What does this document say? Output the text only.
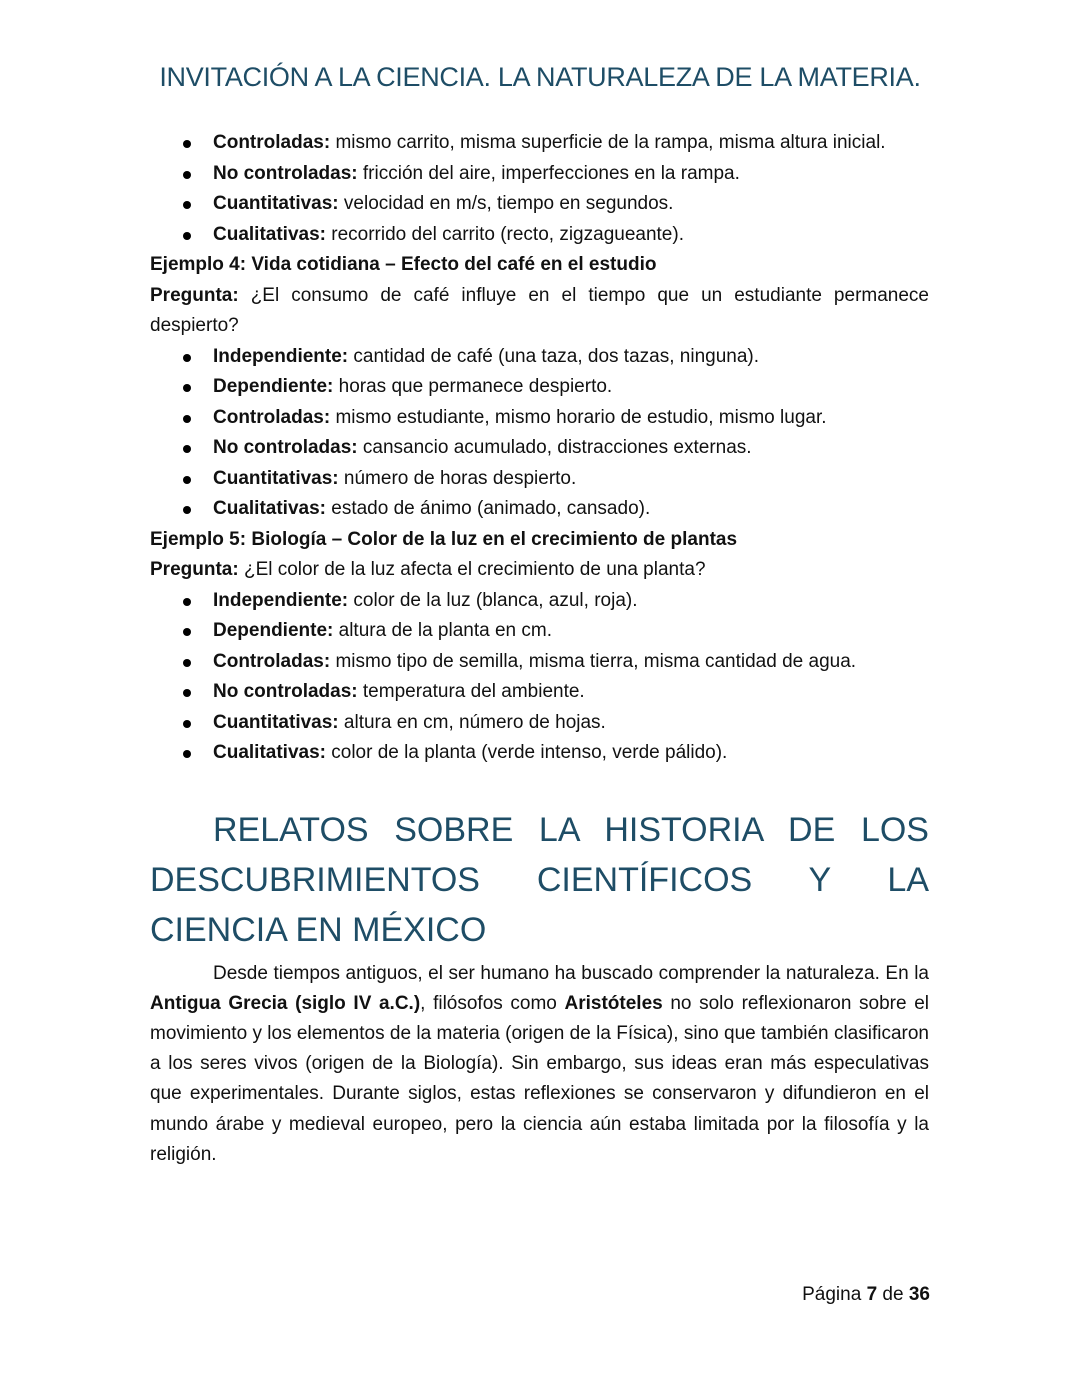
INVITACIÓN A LA CIENCIA. LA NATURALEZA DE LA MATERIA.
Controladas: mismo carrito, misma superficie de la rampa, misma altura inicial.
No controladas: fricción del aire, imperfecciones en la rampa.
Cuantitativas: velocidad en m/s, tiempo en segundos.
Cualitativas: recorrido del carrito (recto, zigzagueante).
Ejemplo 4: Vida cotidiana – Efecto del café en el estudio
Pregunta: ¿El consumo de café influye en el tiempo que un estudiante permanece despierto?
Independiente: cantidad de café (una taza, dos tazas, ninguna).
Dependiente: horas que permanece despierto.
Controladas: mismo estudiante, mismo horario de estudio, mismo lugar.
No controladas: cansancio acumulado, distracciones externas.
Cuantitativas: número de horas despierto.
Cualitativas: estado de ánimo (animado, cansado).
Ejemplo 5: Biología – Color de la luz en el crecimiento de plantas
Pregunta: ¿El color de la luz afecta el crecimiento de una planta?
Independiente: color de la luz (blanca, azul, roja).
Dependiente: altura de la planta en cm.
Controladas: mismo tipo de semilla, misma tierra, misma cantidad de agua.
No controladas: temperatura del ambiente.
Cuantitativas: altura en cm, número de hojas.
Cualitativas: color de la planta (verde intenso, verde pálido).
RELATOS SOBRE LA HISTORIA DE LOS DESCUBRIMIENTOS CIENTÍFICOS Y LA CIENCIA EN MÉXICO

Desde tiempos antiguos, el ser humano ha buscado comprender la naturaleza. En la Antigua Grecia (siglo IV a.C.), filósofos como Aristóteles no solo reflexionaron sobre el movimiento y los elementos de la materia (origen de la Física), sino que también clasificaron a los seres vivos (origen de la Biología). Sin embargo, sus ideas eran más especulativas que experimentales. Durante siglos, estas reflexiones se conservaron y difundieron en el mundo árabe y medieval europeo, pero la ciencia aún estaba limitada por la filosofía y la religión.

Página 7 de 36
